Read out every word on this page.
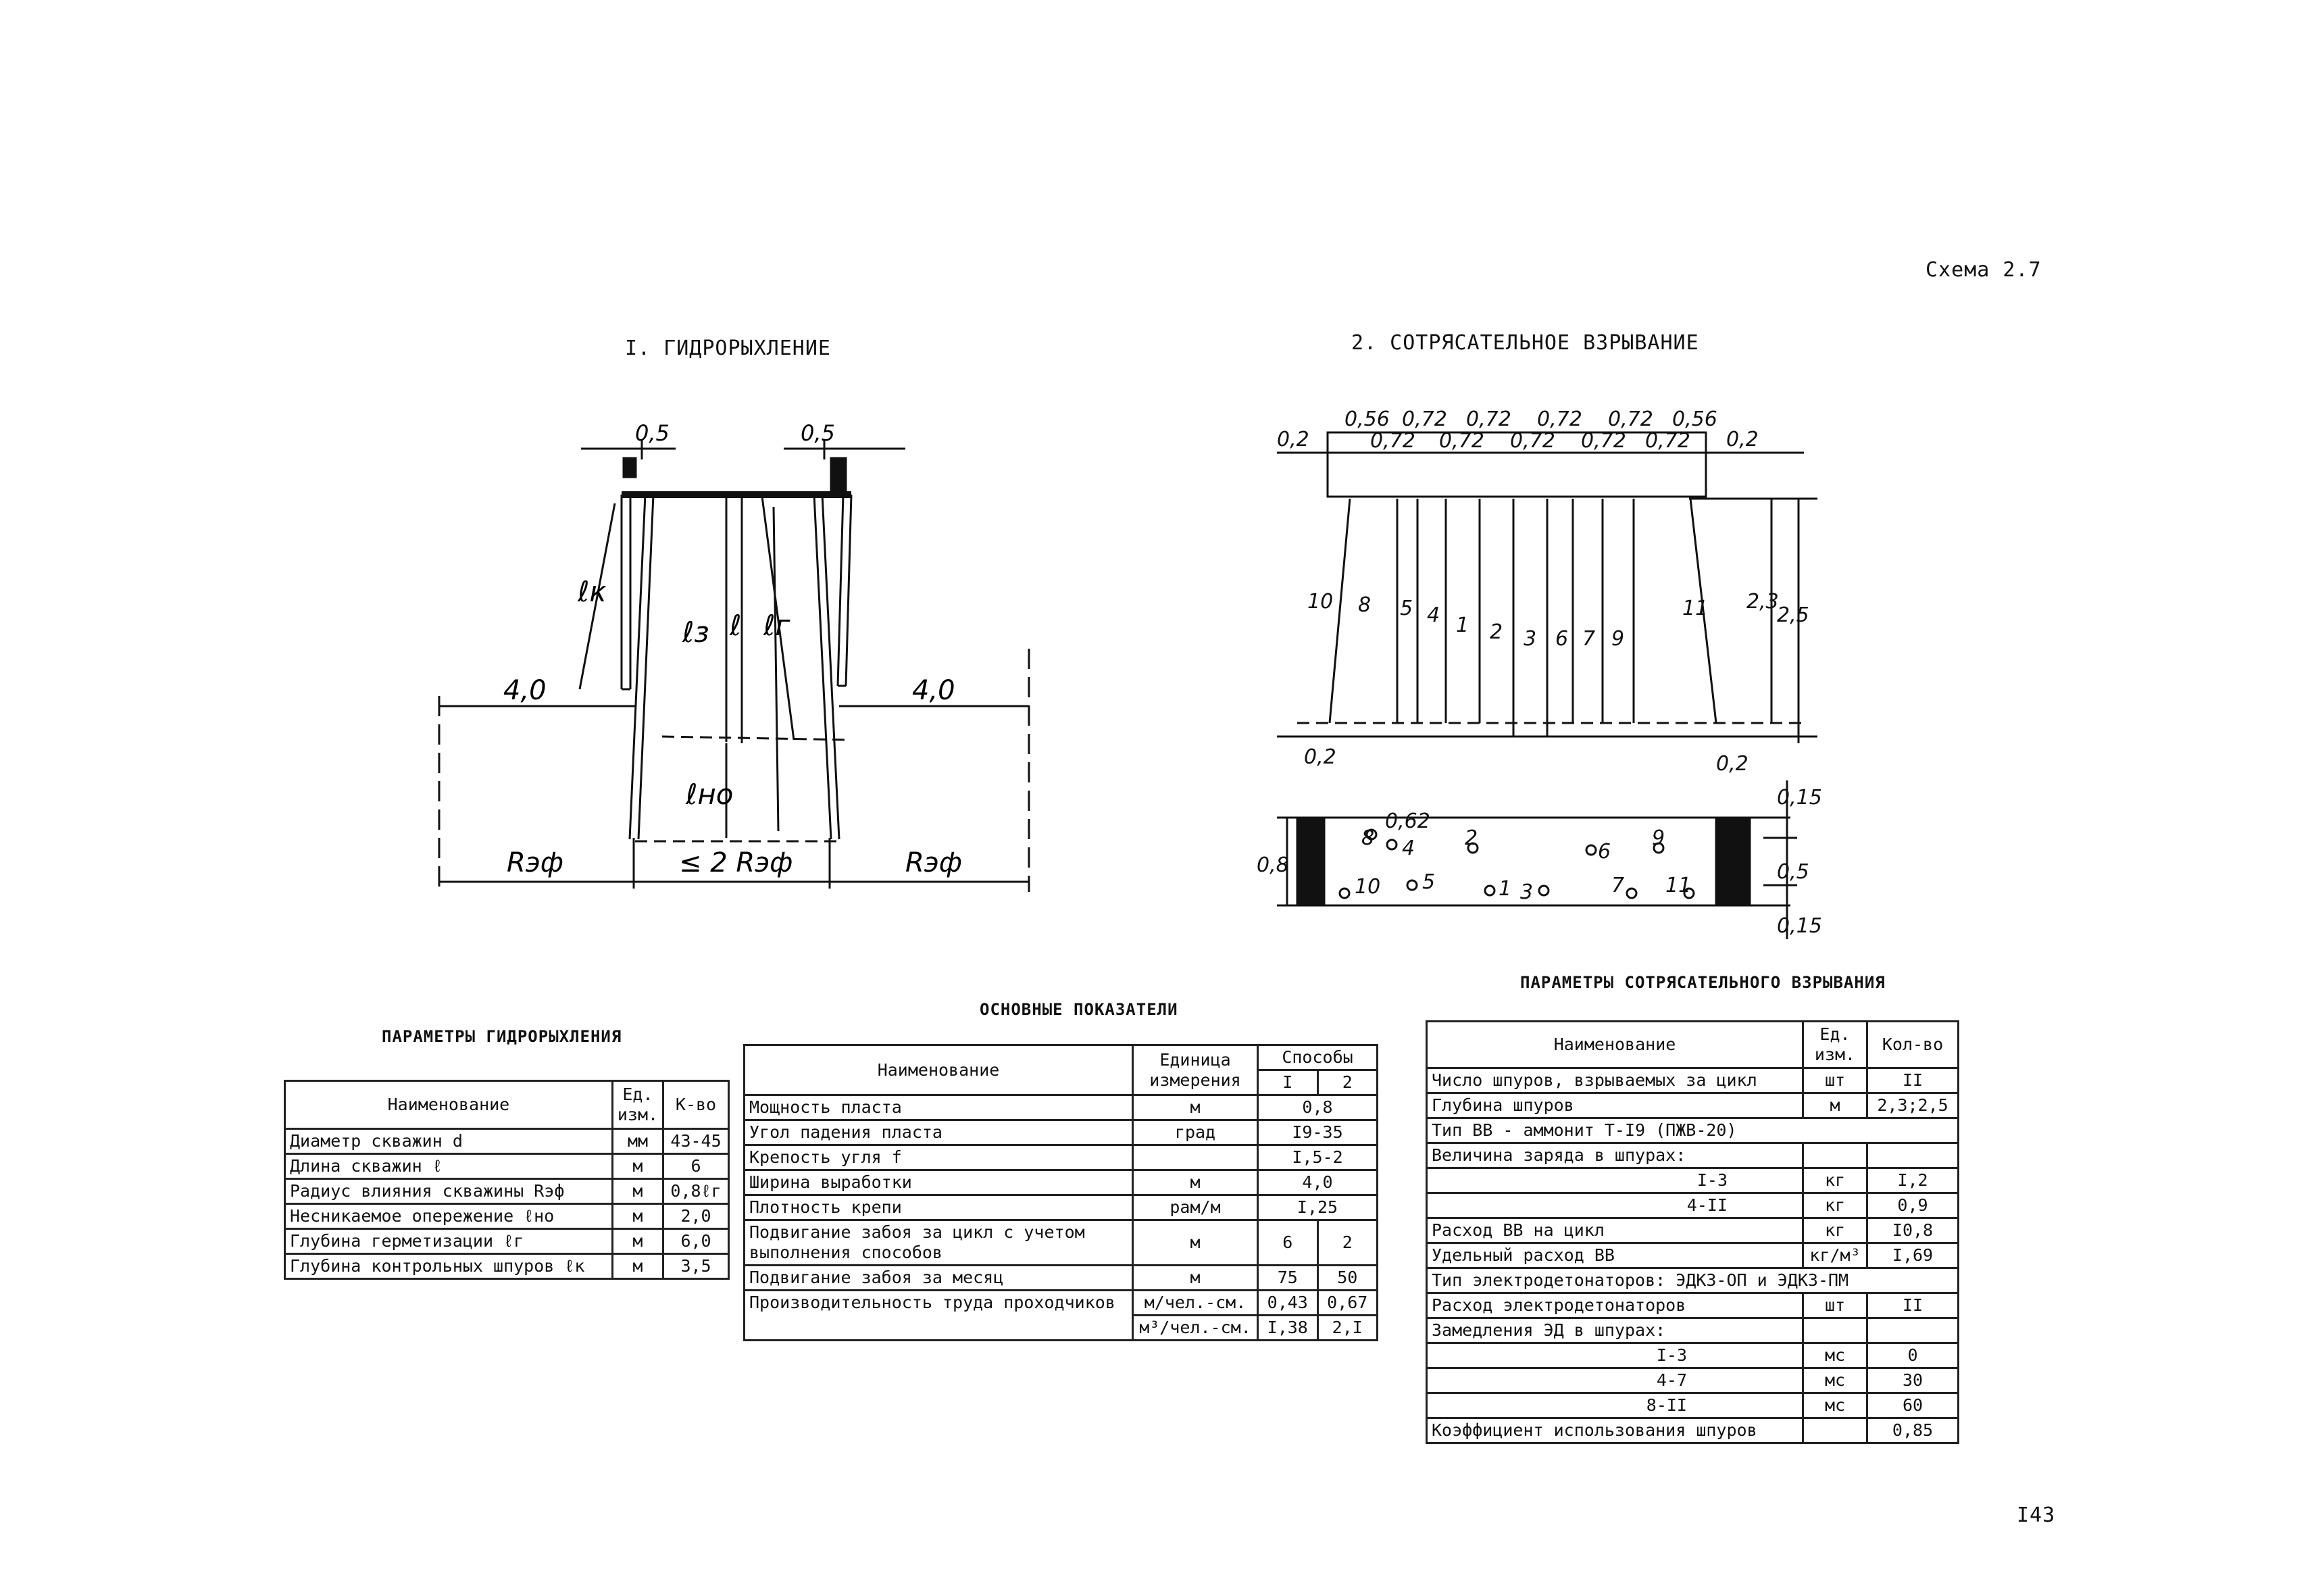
Схема 2.7
I. ГИДРОРЫХЛЕНИЕ	2. СОТРЯСАТЕЛЬНОЕ ВЗРЫВАНИЕ
I43
0,5	0,5
4,0	4,0
ℓк
ℓз ℓ ℓг
ℓно
Rэф	≤ 2 Rэф	Rэф
0,56 0,72 0,72 0,72 0,72 0,56
0,2	0,72 0,72 0,72 0,72 0,72 0,2
10 8 5 4 1 2 3 6 7 9
11 2,3
2,5
0,2	0,2
0,8
0,62
0,15
0,5
0,15
8
10
4
5
2
1 3
6
7
9
11
ПАРАМЕТРЫ ГИДРОРЫХЛЕНИЯ
ОСНОВНЫЕ ПОКАЗАТЕЛИ
ПАРАМЕТРЫ СОТРЯСАТЕЛЬНОГО ВЗРЫВАНИЯ
Наименование	Ед. изм.	К-во
Диаметр скважин d	мм	43-45
Длина скважин ℓ	м	6
Радиус влияния скважины Rэф	м	0,8ℓг
Несникаемое опережение ℓно	м	2,0
Глубина герметизации ℓг	м	6,0
Глубина контрольных шпуров ℓк	м	3,5
Наименование	Единица измерения	Способы	
		I	2
Мощность пласта	м	0,8	
Угол падения пласта	град	I9-35	
Крепость угля f		I,5-2	
Ширина выработки	м	4,0	
Плотность крепи	рам/м	I,25	
Подвигание забоя за цикл с учетом выполнения способов	м	6	2
Подвигание забоя за месяц	м	75	50
Производительность труда проходчиков	м/чел.-см.	0,43	0,67
	м³/чел.-см.	I,38	2,I
Наименование	Ед. изм.	Кол-во
Число шпуров, взрываемых за цикл	шт	II
Глубина шпуров	м	2,3;2,5
Тип ВВ - аммонит Т-I9 (ПЖВ-20)		
Величина заряда в шпурах:		
I-3	кг	I,2
4-II	кг	0,9
Расход ВВ на цикл	кг	I0,8
Удельный расход ВВ	кг/м³	I,69
Тип электродетонаторов: ЭДКЗ-ОП и ЭДКЗ-ПМ		
Расход электродетонаторов	шт	II
Замедления ЭД в шпурах:		
I-3	мс	0
4-7	мс	30
8-II	мс	60
Коэффициент использования шпуров		0,85
